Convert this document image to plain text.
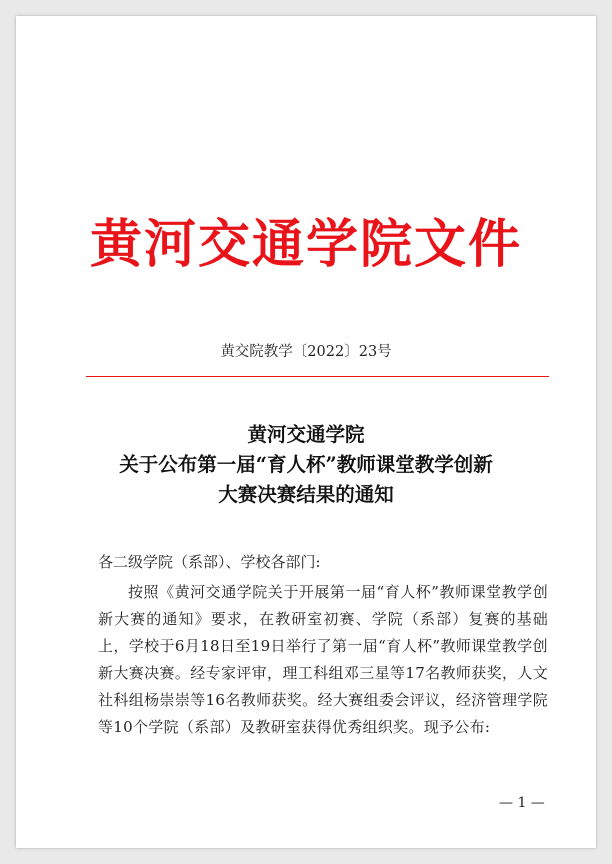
黄河交通学院文件
黄交院教学〔2022〕23号
黄河交通学院
关于公布第一届“育人杯”教师课堂教学创新
大赛决赛结果的通知

各二级学院（系部）、学校各部门:

按照《黄河交通学院关于开展第一届“育人杯”教师课堂教学创新大赛的通知》要求，在教研室初赛、学院（系部）复赛的基础上，学校于6月18日至19日举行了第一届“育人杯”教师课堂教学创新大赛决赛。经专家评审，理工科组邓三星等17名教师获奖，人文社科组杨崇崇等16名教师获奖。经大赛组委会评议，经济管理学院等10个学院（系部）及教研室获得优秀组织奖。现予公布:

— 1 —
